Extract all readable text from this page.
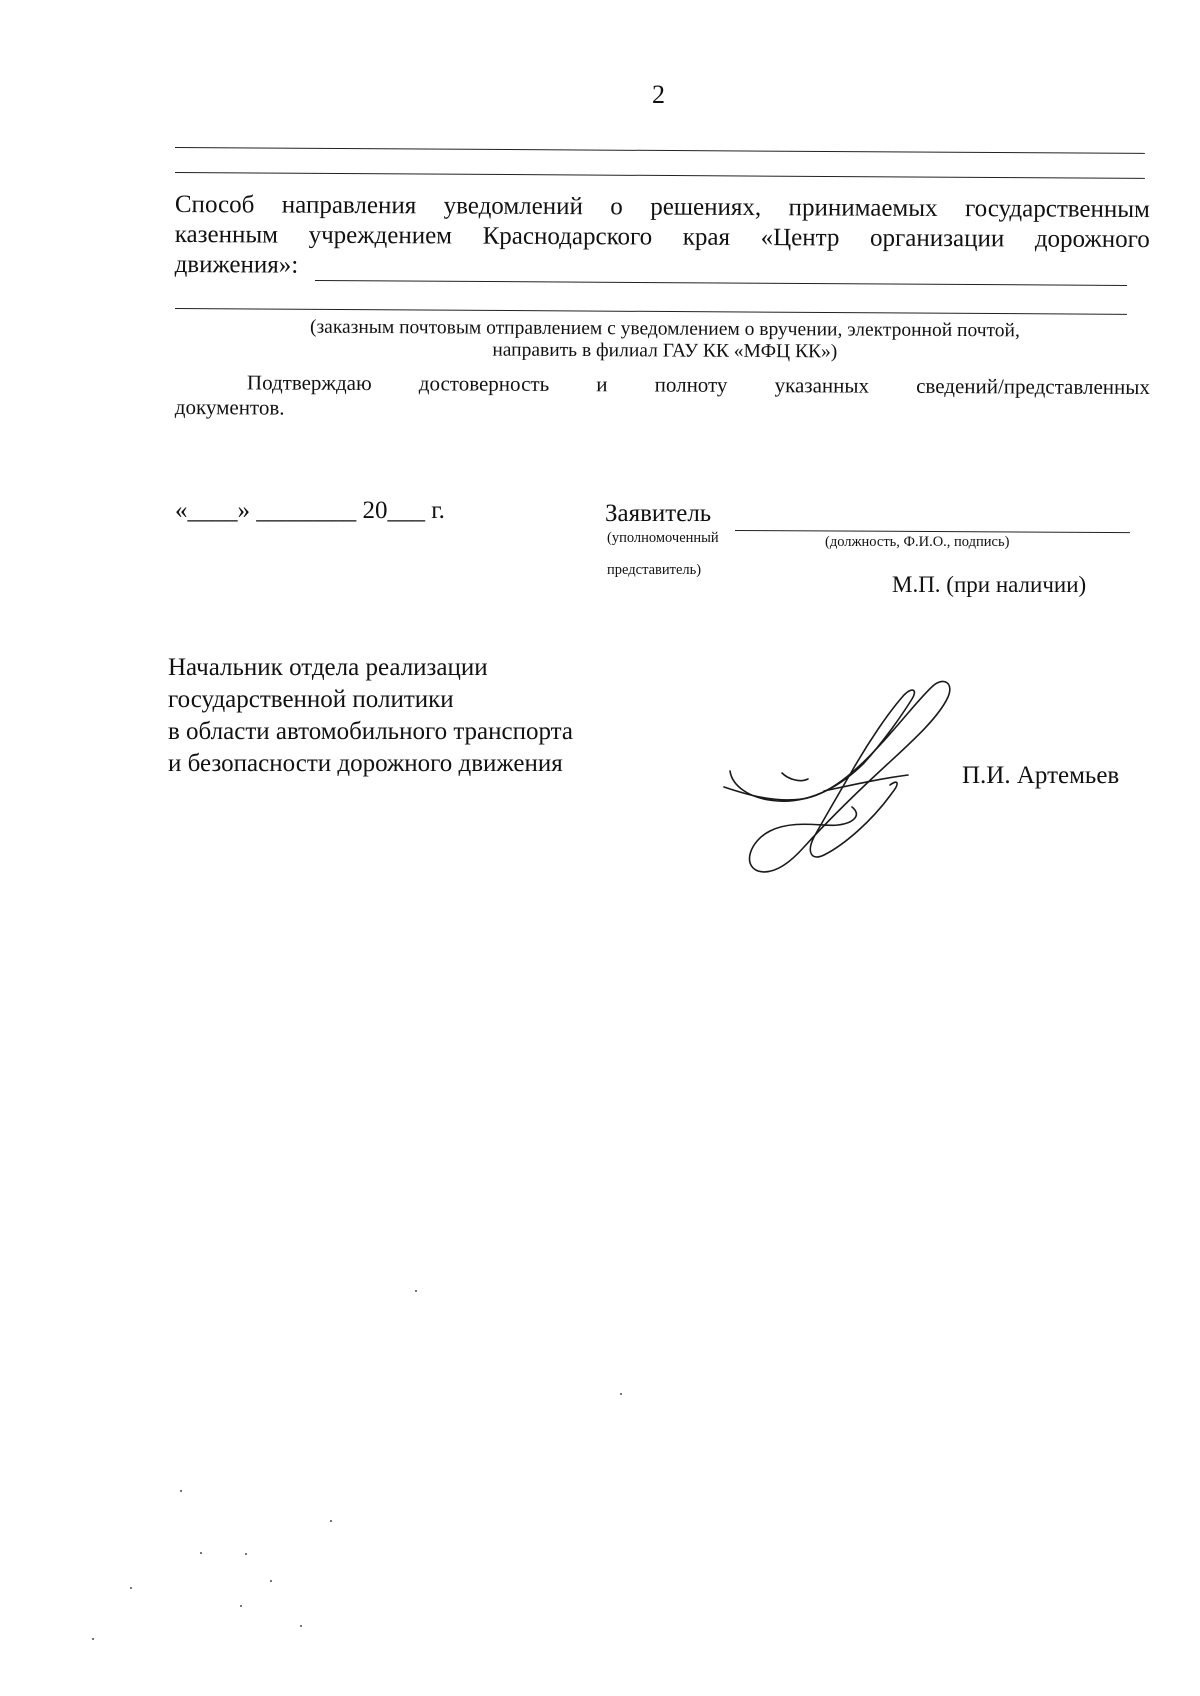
2
Способ направления уведомлений о решениях, принимаемых государственным
казенным учреждением Краснодарского края «Центр организации дорожного
движения»:
(заказным почтовым отправлением с уведомлением о вручении, электронной почтой,
направить в филиал ГАУ КК «МФЦ КК»)
Подтверждаю достоверность и полноту указанных сведений/представленных
документов.
«____» ________ 20___ г.	Заявитель
(уполномоченный	(должность, Ф.И.О., подпись)
представитель)
М.П. (при наличии)
Начальник отдела реализации
государственной политики
в области автомобильного транспорта
и безопасности дорожного движения	П.И. Артемьев
